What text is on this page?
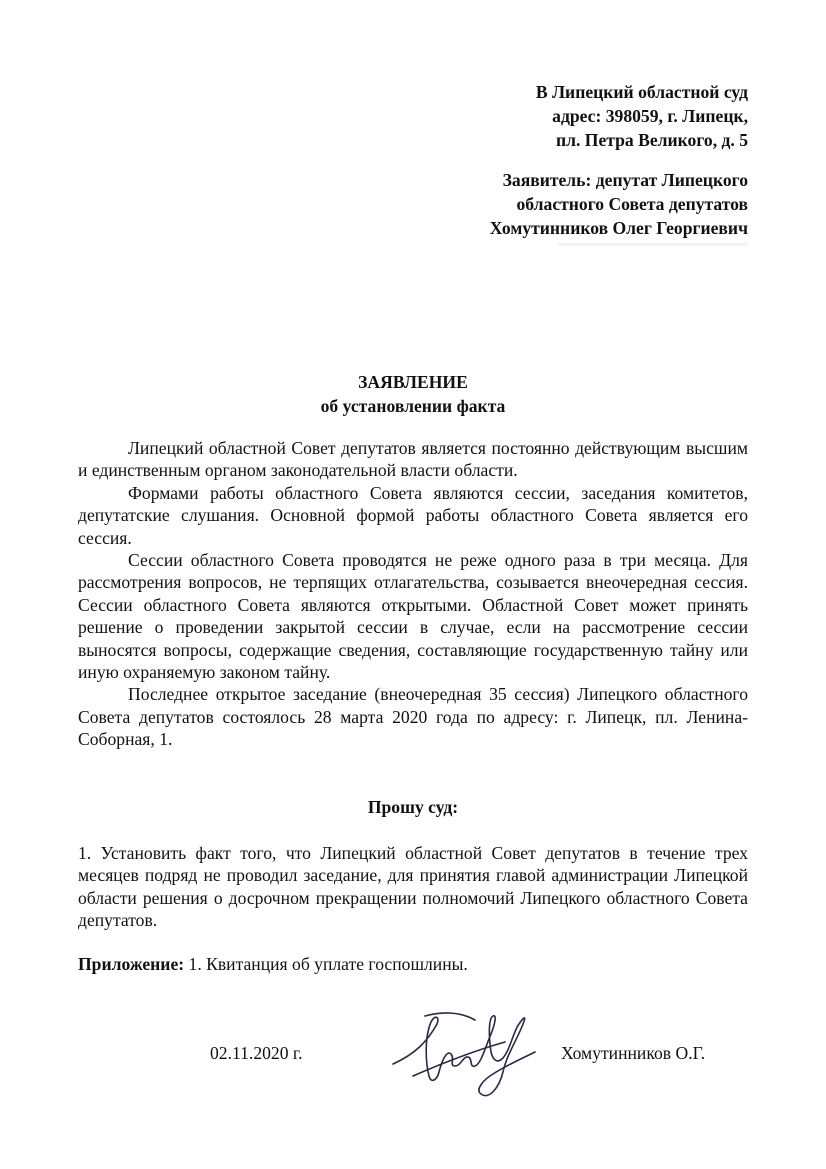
В Липецкий областной суд
адрес: 398059, г. Липецк,
пл. Петра Великого, д. 5
Заявитель: депутат Липецкого
областного Совета депутатов
Хомутинников Олег Георгиевич
ЗАЯВЛЕНИЕ
об установлении факта

Липецкий областной Совет депутатов является постоянно действующим высшим и единственным органом законодательной власти области.

Формами работы областного Совета являются сессии, заседания комитетов, депутатские слушания. Основной формой работы областного Совета является его сессия.

Сессии областного Совета проводятся не реже одного раза в три месяца. Для рассмотрения вопросов, не терпящих отлагательства, созывается внеочередная сессия. Сессии областного Совета являются открытыми. Областной Совет может принять решение о проведении закрытой сессии в случае, если на рассмотрение сессии выносятся вопросы, содержащие сведения, составляющие государственную тайну или иную охраняемую законом тайну.

Последнее открытое заседание (внеочередная 35 сессия) Липецкого областного Совета депутатов состоялось 28 марта 2020 года по адресу: г. Липецк, пл. Ленина-Соборная, 1.

Прошу суд:

1. Установить факт того, что Липецкий областной Совет депутатов в течение трех месяцев подряд не проводил заседание, для принятия главой администрации Липецкой области решения о досрочном прекращении полномочий Липецкого областного Совета депутатов.

Приложение: 1. Квитанция об уплате госпошлины.
02.11.2020 г.	Хомутинников О.Г.
